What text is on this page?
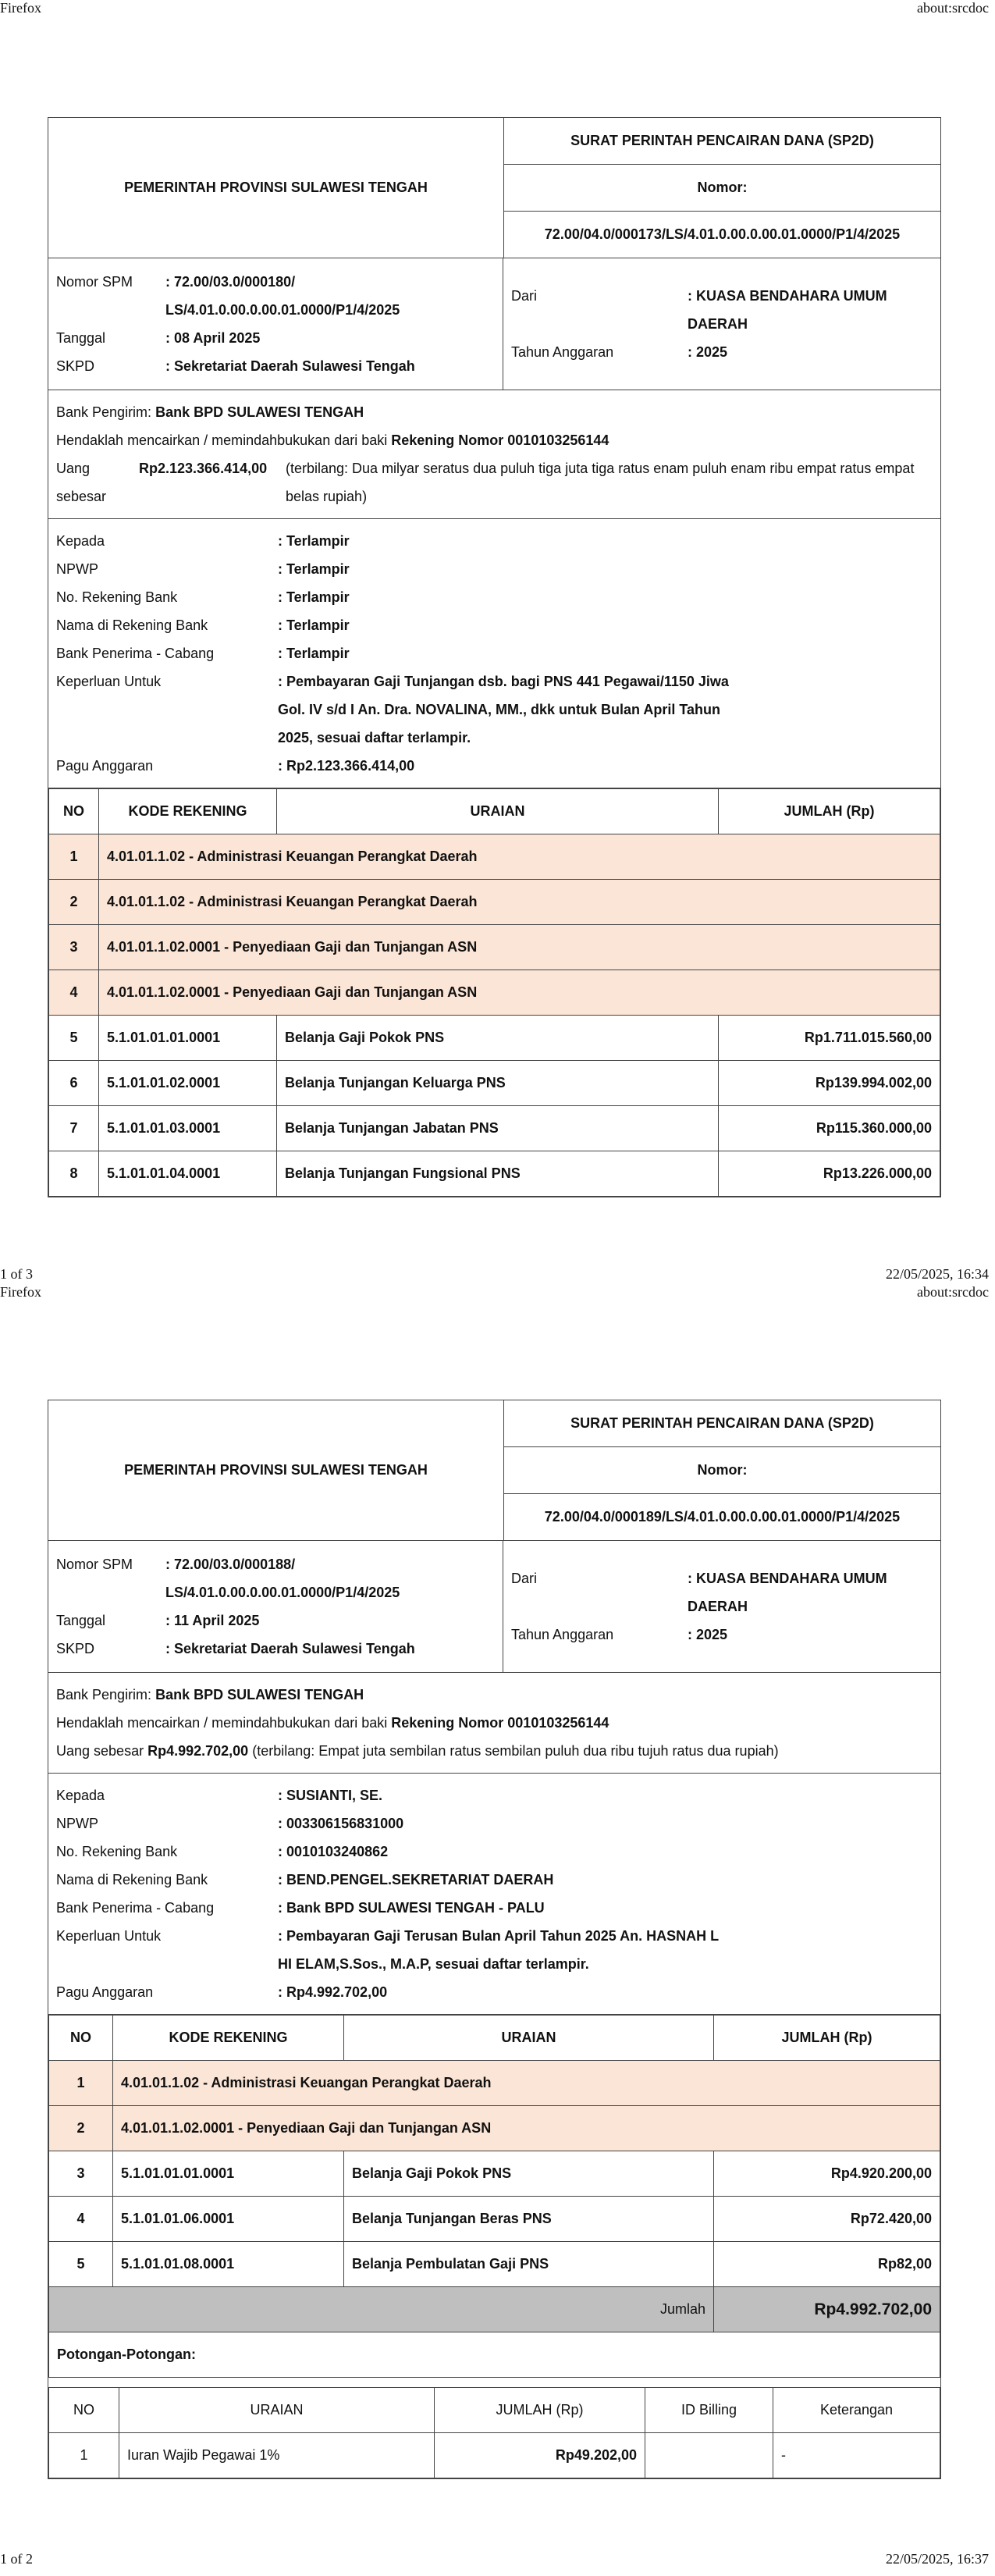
Firefox	about:srcdoc
PEMERINTAH PROVINSI SULAWESI TENGAH
SURAT PERINTAH PENCAIRAN DANA (SP2D)
Nomor:
72.00/04.0/000173/LS/4.01.0.00.0.00.01.0000/P1/4/2025
Nomor SPM	: 72.00/03.0/000180/
LS/4.01.0.00.0.00.01.0000/P1/4/2025
Tanggal	: 08 April 2025
SKPD	: Sekretariat Daerah Sulawesi Tengah
Dari	: KUASA BENDAHARA UMUM
DAERAH
Tahun Anggaran	: 2025
Bank Pengirim: Bank BPD SULAWESI TENGAH
Hendaklah mencairkan / memindahbukukan dari baki Rekening Nomor 0010103256144
Uang sebesar
Rp2.123.366.414,00	(terbilang: Dua milyar seratus dua puluh tiga juta tiga ratus enam puluh enam ribu empat ratus empat belas rupiah)
Kepada	: Terlampir
NPWP	: Terlampir
No. Rekening Bank	: Terlampir
Nama di Rekening Bank	: Terlampir
Bank Penerima - Cabang	: Terlampir
Keperluan Untuk	: Pembayaran Gaji Tunjangan dsb. bagi PNS 441 Pegawai/1150 Jiwa
Gol. IV s/d I An. Dra. NOVALINA, MM., dkk untuk Bulan April Tahun
2025, sesuai daftar terlampir.
Pagu Anggaran	: Rp2.123.366.414,00
NO	KODE REKENING	URAIAN	JUMLAH (Rp)
1	4.01.01.1.02 - Administrasi Keuangan Perangkat Daerah		
2	4.01.01.1.02 - Administrasi Keuangan Perangkat Daerah		
3	4.01.01.1.02.0001 - Penyediaan Gaji dan Tunjangan ASN		
4	4.01.01.1.02.0001 - Penyediaan Gaji dan Tunjangan ASN		
5	5.1.01.01.01.0001	Belanja Gaji Pokok PNS	Rp1.711.015.560,00
6	5.1.01.01.02.0001	Belanja Tunjangan Keluarga PNS	Rp139.994.002,00
7	5.1.01.01.03.0001	Belanja Tunjangan Jabatan PNS	Rp115.360.000,00
8	5.1.01.01.04.0001	Belanja Tunjangan Fungsional PNS	Rp13.226.000,00
1 of 3	22/05/2025, 16:34
Firefox	about:srcdoc
PEMERINTAH PROVINSI SULAWESI TENGAH
SURAT PERINTAH PENCAIRAN DANA (SP2D)
Nomor:
72.00/04.0/000189/LS/4.01.0.00.0.00.01.0000/P1/4/2025
Nomor SPM	: 72.00/03.0/000188/
LS/4.01.0.00.0.00.01.0000/P1/4/2025
Tanggal	: 11 April 2025
SKPD	: Sekretariat Daerah Sulawesi Tengah
Dari	: KUASA BENDAHARA UMUM
DAERAH
Tahun Anggaran	: 2025
Bank Pengirim: Bank BPD SULAWESI TENGAH
Hendaklah mencairkan / memindahbukukan dari baki Rekening Nomor 0010103256144
Uang sebesar Rp4.992.702,00 (terbilang: Empat juta sembilan ratus sembilan puluh dua ribu tujuh ratus dua rupiah)
Kepada	: SUSIANTI, SE.
NPWP	: 003306156831000
No. Rekening Bank	: 0010103240862
Nama di Rekening Bank	: BEND.PENGEL.SEKRETARIAT DAERAH
Bank Penerima - Cabang	: Bank BPD SULAWESI TENGAH - PALU
Keperluan Untuk	: Pembayaran Gaji Terusan Bulan April Tahun 2025 An. HASNAH L
HI ELAM,S.Sos., M.A.P, sesuai daftar terlampir.
Pagu Anggaran	: Rp4.992.702,00
NO	KODE REKENING	URAIAN	JUMLAH (Rp)
1	4.01.01.1.02 - Administrasi Keuangan Perangkat Daerah		
2	4.01.01.1.02.0001 - Penyediaan Gaji dan Tunjangan ASN		
3	5.1.01.01.01.0001	Belanja Gaji Pokok PNS	Rp4.920.200,00
4	5.1.01.01.06.0001	Belanja Tunjangan Beras PNS	Rp72.420,00
5	5.1.01.01.08.0001	Belanja Pembulatan Gaji PNS	Rp82,00
Jumlah			Rp4.992.702,00
Potongan-Potongan:			
NO	URAIAN	JUMLAH (Rp)	ID Billing	Keterangan
1	Iuran Wajib Pegawai 1%	Rp49.202,00		-
1 of 2	22/05/2025, 16:37
